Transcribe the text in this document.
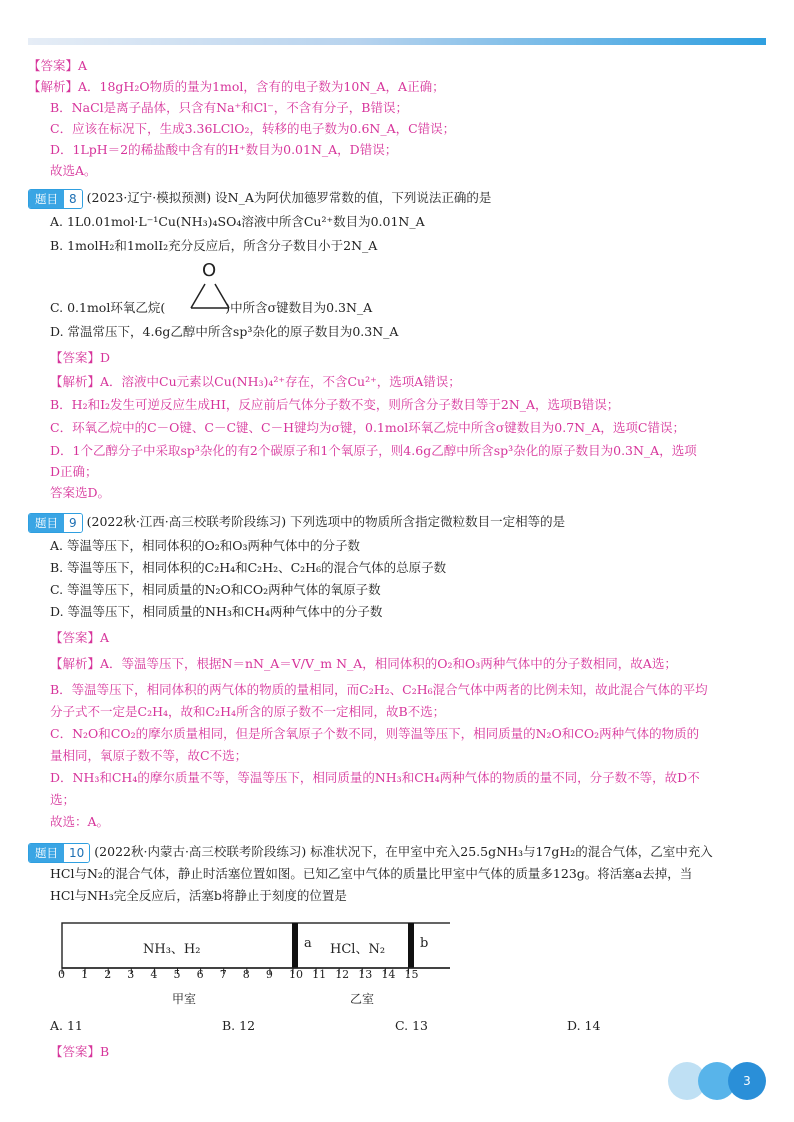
【答案】A
【解析】A．18gH₂O物质的量为1mol，含有的电子数为10N_A，A正确；
B．NaCl是离子晶体，只含有Na⁺和Cl⁻，不含有分子，B错误；
C．应该在标况下，生成3.36LClO₂，转移的电子数为0.6N_A，C错误；
D．1LpH＝2的稀盐酸中含有的H⁺数目为0.01N_A，D错误；
故选A。
题目 8 (2023·辽宁·模拟预测) 设N_A为阿伏加德罗常数的值，下列说法正确的是
A. 1L0.01mol·L⁻¹Cu(NH₃)₄SO₄溶液中所含Cu²⁺数目为0.01N_A
B. 1molH₂和1molI₂充分反应后，所含分子数目小于2N_A
O
C. 0.1mol环氧乙烷(	)中所含σ键数目为0.3N_A
D. 常温常压下，4.6g乙醇中所含sp³杂化的原子数目为0.3N_A
【答案】D
【解析】A．溶液中Cu元素以Cu(NH₃)₄²⁺存在，不含Cu²⁺，选项A错误；
B．H₂和I₂发生可逆反应生成HI，反应前后气体分子数不变，则所含分子数目等于2N_A，选项B错误；
C．环氧乙烷中的C－O键、C－C键、C－H键均为σ键，0.1mol环氧乙烷中所含σ键数目为0.7N_A，选项C错误；
D．1个乙醇分子中采取sp³杂化的有2个碳原子和1个氧原子，则4.6g乙醇中所含sp³杂化的原子数目为0.3N_A，选项
D正确；
答案选D。
题目 9 (2022秋·江西·高三校联考阶段练习) 下列选项中的物质所含指定微粒数目一定相等的是
A. 等温等压下，相同体积的O₂和O₃两种气体中的分子数
B. 等温等压下，相同体积的C₂H₄和C₂H₂、C₂H₆的混合气体的总原子数
C. 等温等压下，相同质量的N₂O和CO₂两种气体的氧原子数
D. 等温等压下，相同质量的NH₃和CH₄两种气体中的分子数
【答案】A
【解析】A．等温等压下，根据N＝nN_A＝V/V_m N_A，相同体积的O₂和O₃两种气体中的分子数相同，故A选；
B．等温等压下，相同体积的两气体的物质的量相同，而C₂H₂、C₂H₆混合气体中两者的比例未知，故此混合气体的平均
分子式不一定是C₂H₄，故和C₂H₄所含的原子数不一定相同，故B不选；
C．N₂O和CO₂的摩尔质量相同，但是所含氧原子个数不同，则等温等压下，相同质量的N₂O和CO₂两种气体的物质的
量相同，氧原子数不等，故C不选；
D．NH₃和CH₄的摩尔质量不等，等温等压下，相同质量的NH₃和CH₄两种气体的物质的量不同，分子数不等，故D不
选；
故选：A。
题目 10 (2022秋·内蒙古·高三校联考阶段练习) 标准状况下，在甲室中充入25.5gNH₃与17gH₂的混合气体，乙室中充入
HCl与N₂的混合气体，静止时活塞位置如图。已知乙室中气体的质量比甲室中气体的质量多123g。将活塞a去掉，当
HCl与NH₃完全反应后，活塞b将静止于刻度的位置是
NH₃、H₂	a HCl、N₂	b
0 1 2 3 4 5 6 7 8 9 10 11 12 13 14 15
甲室	乙室
A. 11	B. 12	C. 13	D. 14
【答案】B
3
